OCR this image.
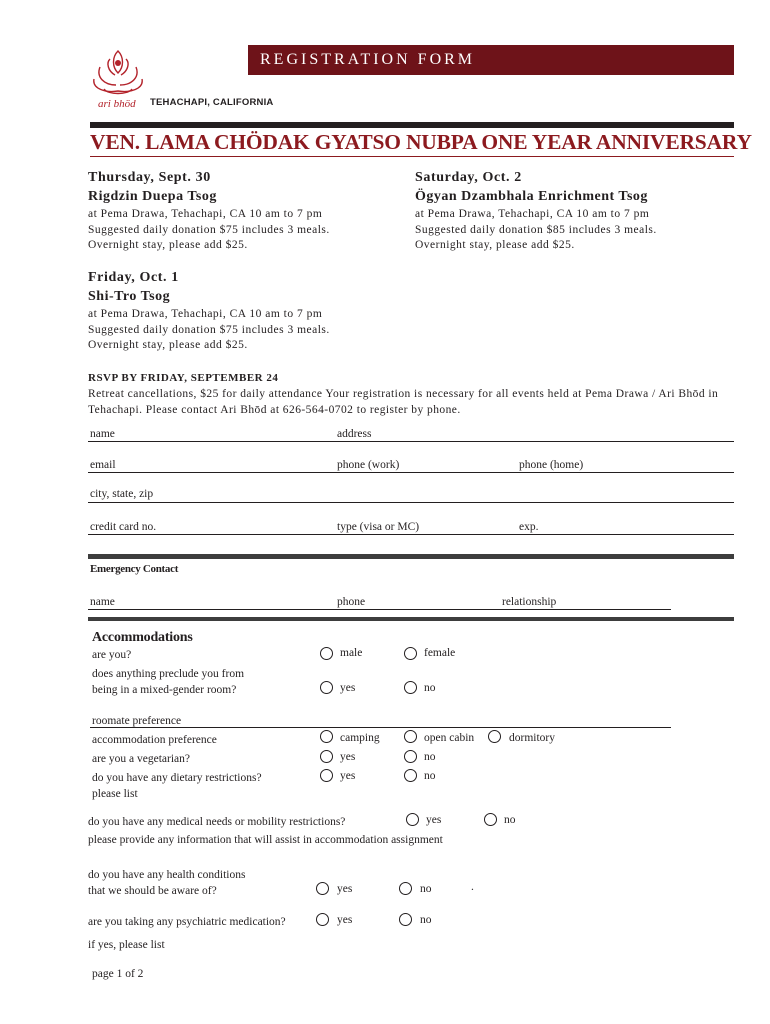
ari bhöd
REGISTRATION FORM
TEHACHAPI, CALIFORNIA
VEN. LAMA CHÖDAK GYATSO NUBPA ONE YEAR ANNIVERSARY
Thursday, Sept. 30
Rigdzin Duepa Tsog
at Pema Drawa, Tehachapi, CA 10 am to 7 pm
Suggested daily donation $75 includes 3 meals.
Overnight stay, please add $25.
Saturday, Oct. 2
Ögyan Dzambhala Enrichment Tsog
at Pema Drawa, Tehachapi, CA 10 am to 7 pm
Suggested daily donation $85 includes 3 meals.
Overnight stay, please add $25.
Friday, Oct. 1
Shi-Tro Tsog
at Pema Drawa, Tehachapi, CA 10 am to 7 pm
Suggested daily donation $75 includes 3 meals.
Overnight stay, please add $25.
RSVP BY FRIDAY, SEPTEMBER 24
Retreat cancellations, $25 for daily attendance Your registration is necessary for all events held at Pema Drawa / Ari Bhōd in Tehachapi. Please contact Ari Bhōd at 626-564-0702 to register by phone.
name	address
email	phone (work)	phone (home)
city, state, zip
credit card no.	type (visa or MC)	exp.
Emergency Contact
name	phone	relationship
Accommodations
are you?	male	female
does anything preclude you from
being in a mixed-gender room?	yes	no
roomate preference
accommodation preference	camping	open cabin	dormitory
are you a vegetarian?	yes	no
do you have any dietary restrictions?	yes	no
please list
do you have any medical needs or mobility restrictions?	yes	no
please provide any information that will assist in accommodation assignment
do you have any health conditions
that we should be aware of?	yes	no	.
are you taking any psychiatric medication?	yes	no
if yes, please list
page 1 of 2
